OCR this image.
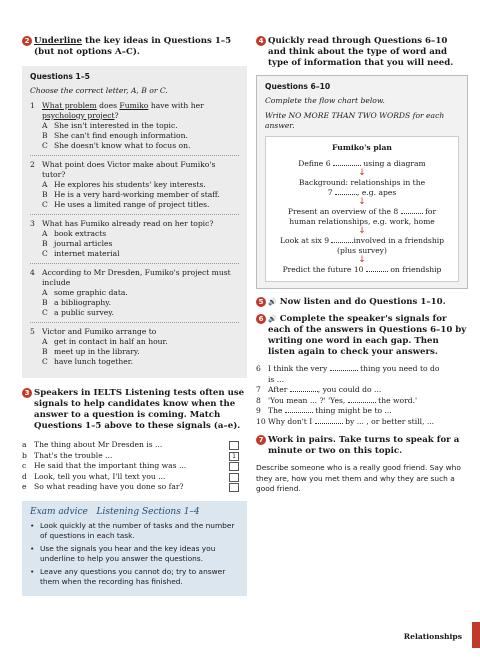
2 Underline the key ideas in Questions 1–5 (but not options A–C).
Questions 1–5
Choose the correct letter, A, B or C.
1 What problem does Fumiko have with her psychology project?
A She isn't interested in the topic.
B She can't find enough information.
C She doesn't know what to focus on.
2 What point does Victor make about Fumiko's tutor?
A He explores his students' key interests.
B He is a very hard-working member of staff.
C He uses a limited range of project titles.
3 What has Fumiko already read on her topic?
A book extracts
B journal articles
C internet material
4 According to Mr Dresden, Fumiko's project must include
A some graphic data.
B a bibliography.
C a public survey.
5 Victor and Fumiko arrange to
A get in contact in half an hour.
B meet up in the library.
C have lunch together.
3 Speakers in IELTS Listening tests often use signals to help candidates know when the answer to a question is coming. Match Questions 1–5 above to these signals (a–e).
a The thing about Mr Dresden is ...
b That's the trouble ...	1
c He said that the important thing was ...
d Look, tell you what, I'll text you ...
e So what reading have you done so far?
Exam advice Listening Sections 1–4
• Look quickly at the number of tasks and the number of questions in each task.
• Use the signals you hear and the key ideas you underline to help you answer the questions.
• Leave any questions you cannot do; try to answer them when the recording has finished.
4 Quickly read through Questions 6–10 and think about the type of word and type of information that you will need.
Questions 6–10
Complete the flow chart below.
Write NO MORE THAN TWO WORDS for each answer.
Fumiko's plan
Define 6	using a diagram
↓
Background: relationships in the
7	, e.g. apes
↓
Present an overview of the 8	for
human relationships, e.g. work, home
↓
Look at six 9	involved in a friendship
(plus survey)
↓
Predict the future 10	on friendship
5 🔊 Now listen and do Questions 1–10.
6 🔊 Complete the speaker's signals for each of the answers in Questions 6–10 by writing one word in each gap. Then listen again to check your answers.
6 I think the very	thing you need to do
is ...
7 After	, you could do ...
8 'You mean ... ?' 'Yes,	the word.'
9 The	thing might be to ...
10 Why don't I	by ... , or better still, ...
7 Work in pairs. Take turns to speak for a minute or two on this topic.
Describe someone who is a really good friend. Say who they are, how you met them and why they are such a good friend.
Relationships
